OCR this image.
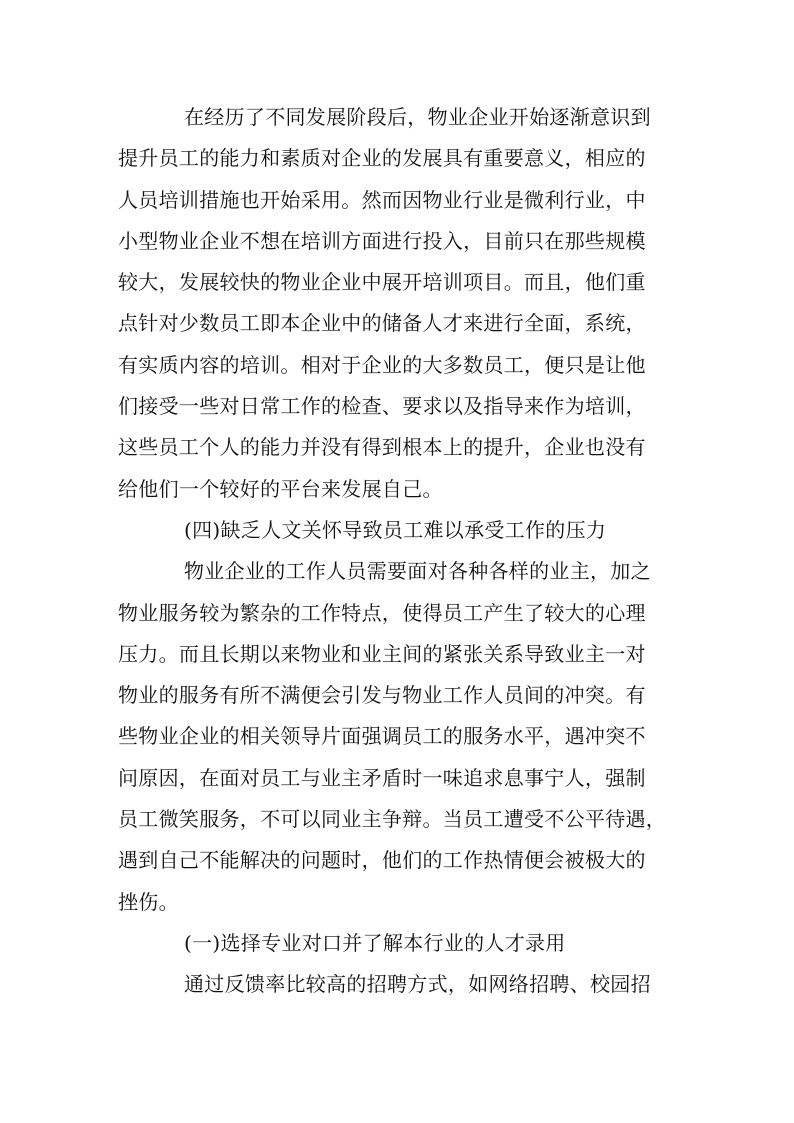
在经历了不同发展阶段后，物业企业开始逐渐意识到
提升员工的能力和素质对企业的发展具有重要意义，相应的
人员培训措施也开始采用。然而因物业行业是微利行业，中
小型物业企业不想在培训方面进行投入，目前只在那些规模
较大，发展较快的物业企业中展开培训项目。而且，他们重
点针对少数员工即本企业中的储备人才来进行全面，系统，
有实质内容的培训。相对于企业的大多数员工，便只是让他
们接受一些对日常工作的检查、要求以及指导来作为培训，
这些员工个人的能力并没有得到根本上的提升，企业也没有
给他们一个较好的平台来发展自己。
(四)缺乏人文关怀导致员工难以承受工作的压力
物业企业的工作人员需要面对各种各样的业主，加之
物业服务较为繁杂的工作特点，使得员工产生了较大的心理
压力。而且长期以来物业和业主间的紧张关系导致业主一对
物业的服务有所不满便会引发与物业工作人员间的冲突。有
些物业企业的相关领导片面强调员工的服务水平，遇冲突不
问原因，在面对员工与业主矛盾时一味追求息事宁人，强制
员工微笑服务，不可以同业主争辩。当员工遭受不公平待遇，
遇到自己不能解决的问题时，他们的工作热情便会被极大的
挫伤。
(一)选择专业对口并了解本行业的人才录用
通过反馈率比较高的招聘方式，如网络招聘、校园招
